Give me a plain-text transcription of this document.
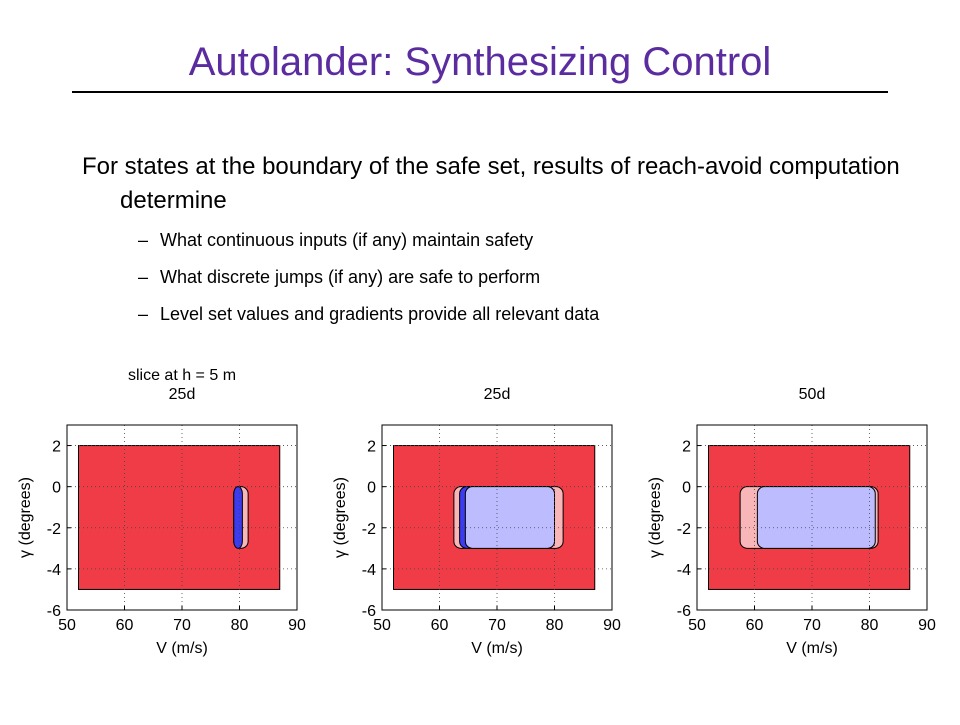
Autolander: Synthesizing Control
For states at the boundary of the safe set, results of reach-avoid computation determine
– What continuous inputs (if any) maintain safety
– What discrete jumps (if any) are safe to perform
– Level set values and gradients provide all relevant data
slice at h = 5 m
25d
50 60 70 80 90
-6
-4
-2
0
2
V (m/s)
γ (degrees)
25d
50 60 70 80 90
-6
-4
-2
0
2
V (m/s)
γ (degrees)
50d
50 60 70 80 90
-6
-4
-2
0
2
V (m/s)
γ (degrees)
